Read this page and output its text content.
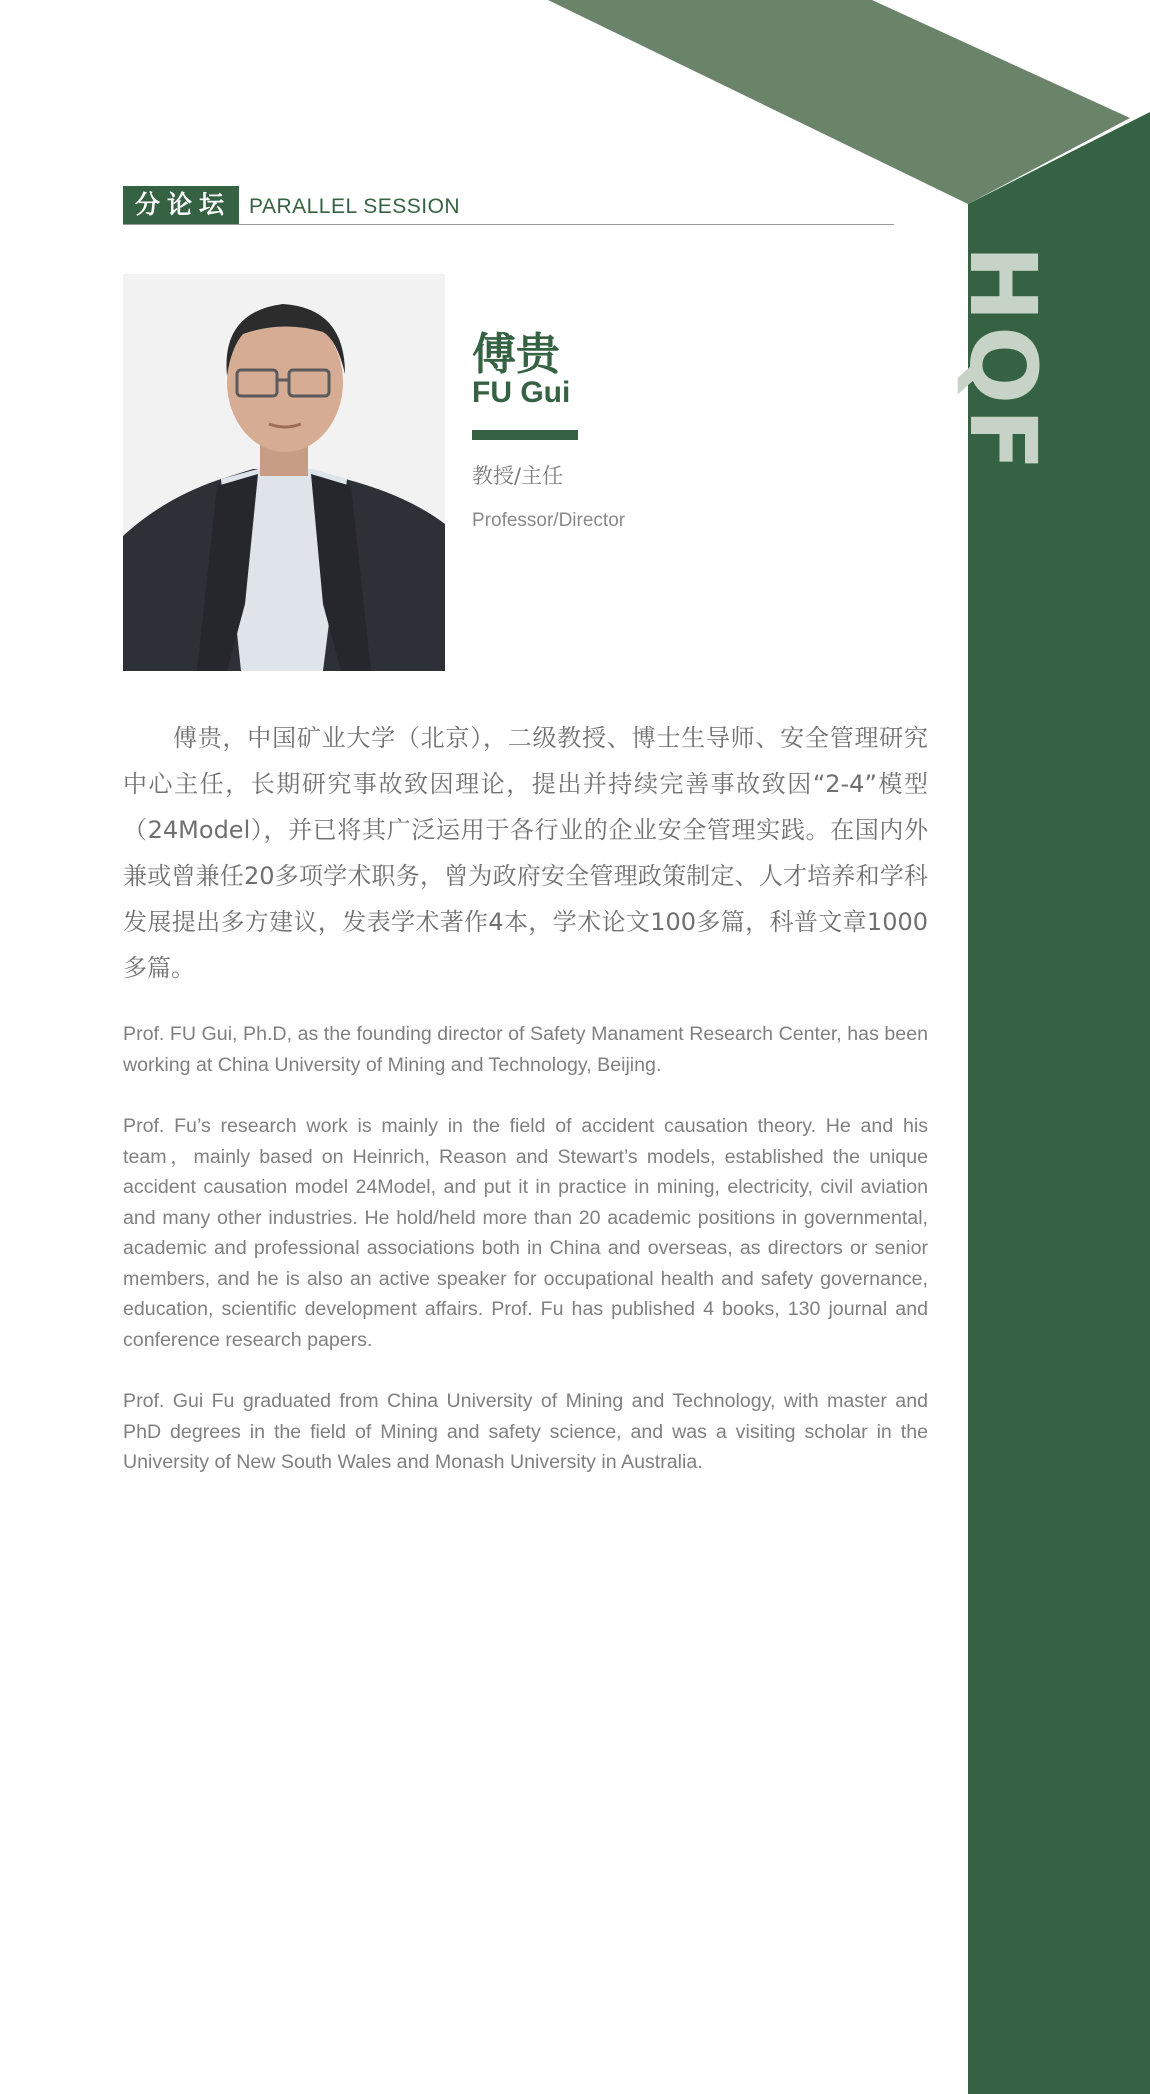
HQF
分论坛 PARALLEL SESSION
傅贵
FU Gui
教授/主任
Professor/Director

傅贵，中国矿业大学（北京），二级教授、博士生导师、安全管理研究中心主任，长期研究事故致因理论，提出并持续完善事故致因“2-4”模型（24Model），并已将其广泛运用于各行业的企业安全管理实践。在国内外兼或曾兼任20多项学术职务，曾为政府安全管理政策制定、人才培养和学科发展提出多方建议，发表学术著作4本，学术论文100多篇，科普文章1000多篇。

Prof. FU Gui, Ph.D, as the founding director of Safety Manament Research Center, has been working at China University of Mining and Technology, Beijing.

Prof. Fu’s research work is mainly in the field of accident causation theory. He and his team，mainly based on Heinrich, Reason and Stewart’s models, established the unique accident causation model 24Model, and put it in practice in mining, electricity, civil aviation and many other industries. He hold/held more than 20 academic positions in governmental, academic and professional associations both in China and overseas, as directors or senior members, and he is also an active speaker for occupational health and safety governance, education, scientific development affairs. Prof. Fu has published 4 books, 130 journal and conference research papers.

Prof. Gui Fu graduated from China University of Mining and Technology, with master and PhD degrees in the field of Mining and safety science, and was a visiting scholar in the University of New South Wales and Monash University in Australia.
